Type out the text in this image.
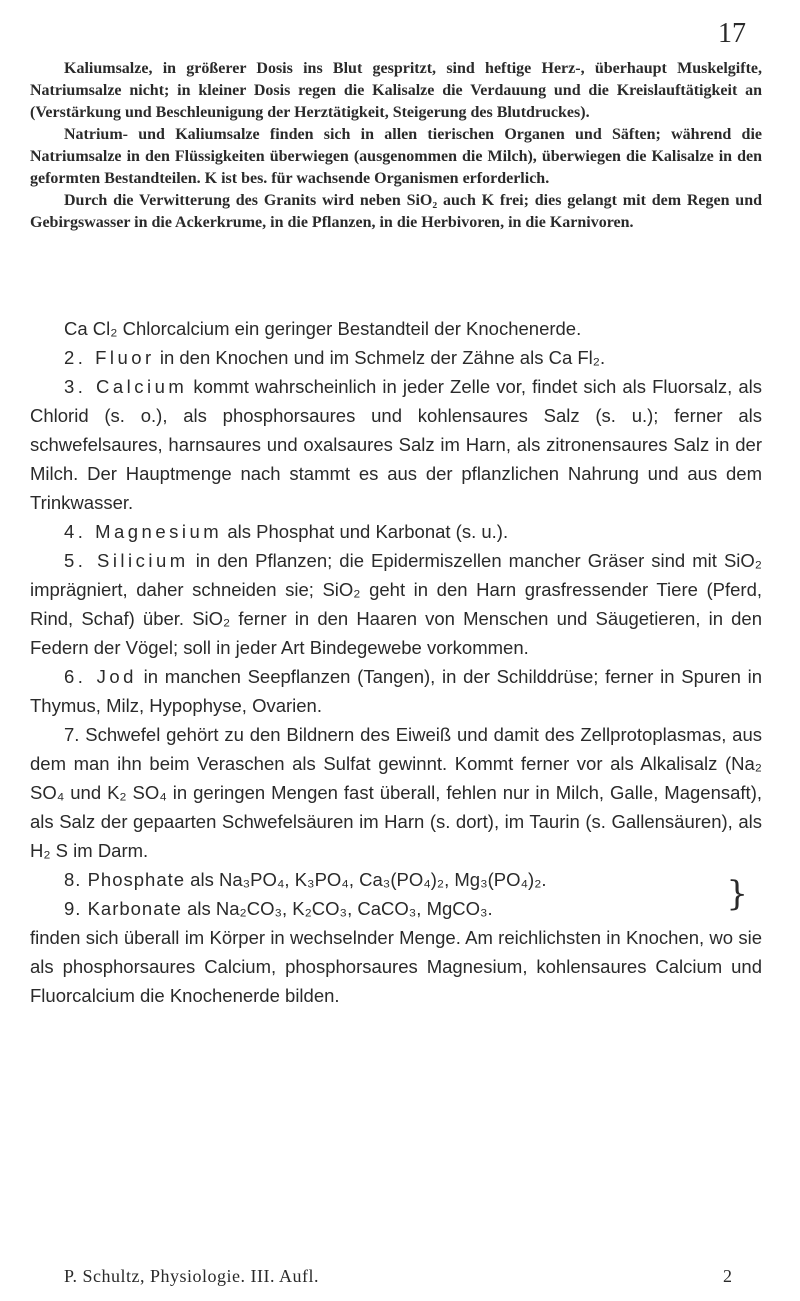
17

Kaliumsalze, in größerer Dosis ins Blut gespritzt, sind heftige Herz-, überhaupt Muskelgifte, Natriumsalze nicht; in kleiner Dosis regen die Kalisalze die Verdauung und die Kreislauftätigkeit an (Verstärkung und Beschleunigung der Herztätigkeit, Steigerung des Blutdruckes).

Natrium- und Kaliumsalze finden sich in allen tierischen Organen und Säften; während die Natriumsalze in den Flüssigkeiten überwiegen (ausgenommen die Milch), überwiegen die Kalisalze in den geformten Bestandteilen. K ist bes. für wachsende Organismen erforderlich.

Durch die Verwitterung des Granits wird neben SiO₂ auch K frei; dies gelangt mit dem Regen und Gebirgswasser in die Ackerkrume, in die Pflanzen, in die Herbivoren, in die Karnivoren.

Ca Cl₂ Chlorcalcium ein geringer Bestandteil der Knochenerde.

2. Fluor in den Knochen und im Schmelz der Zähne als Ca Fl₂.

3. Calcium kommt wahrscheinlich in jeder Zelle vor, findet sich als Fluorsalz, als Chlorid (s. o.), als phosphorsaures und kohlensaures Salz (s. u.); ferner als schwefelsaures, harnsaures und oxalsaures Salz im Harn, als zitronensaures Salz in der Milch. Der Hauptmenge nach stammt es aus der pflanzlichen Nahrung und aus dem Trinkwasser.

4. Magnesium als Phosphat und Karbonat (s. u.).

5. Silicium in den Pflanzen; die Epidermiszellen mancher Gräser sind mit SiO₂ imprägniert, daher schneiden sie; SiO₂ geht in den Harn grasfressender Tiere (Pferd, Rind, Schaf) über. SiO₂ ferner in den Haaren von Menschen und Säugetieren, in den Federn der Vögel; soll in jeder Art Bindegewebe vorkommen.

6. Jod in manchen Seepflanzen (Tangen), in der Schilddrüse; ferner in Spuren in Thymus, Milz, Hypophyse, Ovarien.

7. Schwefel gehört zu den Bildnern des Eiweiß und damit des Zellprotoplasmas, aus dem man ihn beim Veraschen als Sulfat gewinnt. Kommt ferner vor als Alkalisalz (Na₂ SO₄ und K₂ SO₄ in geringen Mengen fast überall, fehlen nur in Milch, Galle, Magensaft), als Salz der gepaarten Schwefelsäuren im Harn (s. dort), im Taurin (s. Gallensäuren), als H₂ S im Darm.

8. Phosphate als Na₃PO₄, K₃PO₄, Ca₃(PO₄)₂, Mg₃(PO₄)₂.

9. Karbonate als Na₂CO₃, K₂CO₃, CaCO₃, MgCO₃.	}

finden sich überall im Körper in wechselnder Menge. Am reichlichsten in Knochen, wo sie als phosphorsaures Calcium, phosphorsaures Magnesium, kohlensaures Calcium und Fluorcalcium die Knochenerde bilden.

P. Schultz, Physiologie. III. Aufl.	2
